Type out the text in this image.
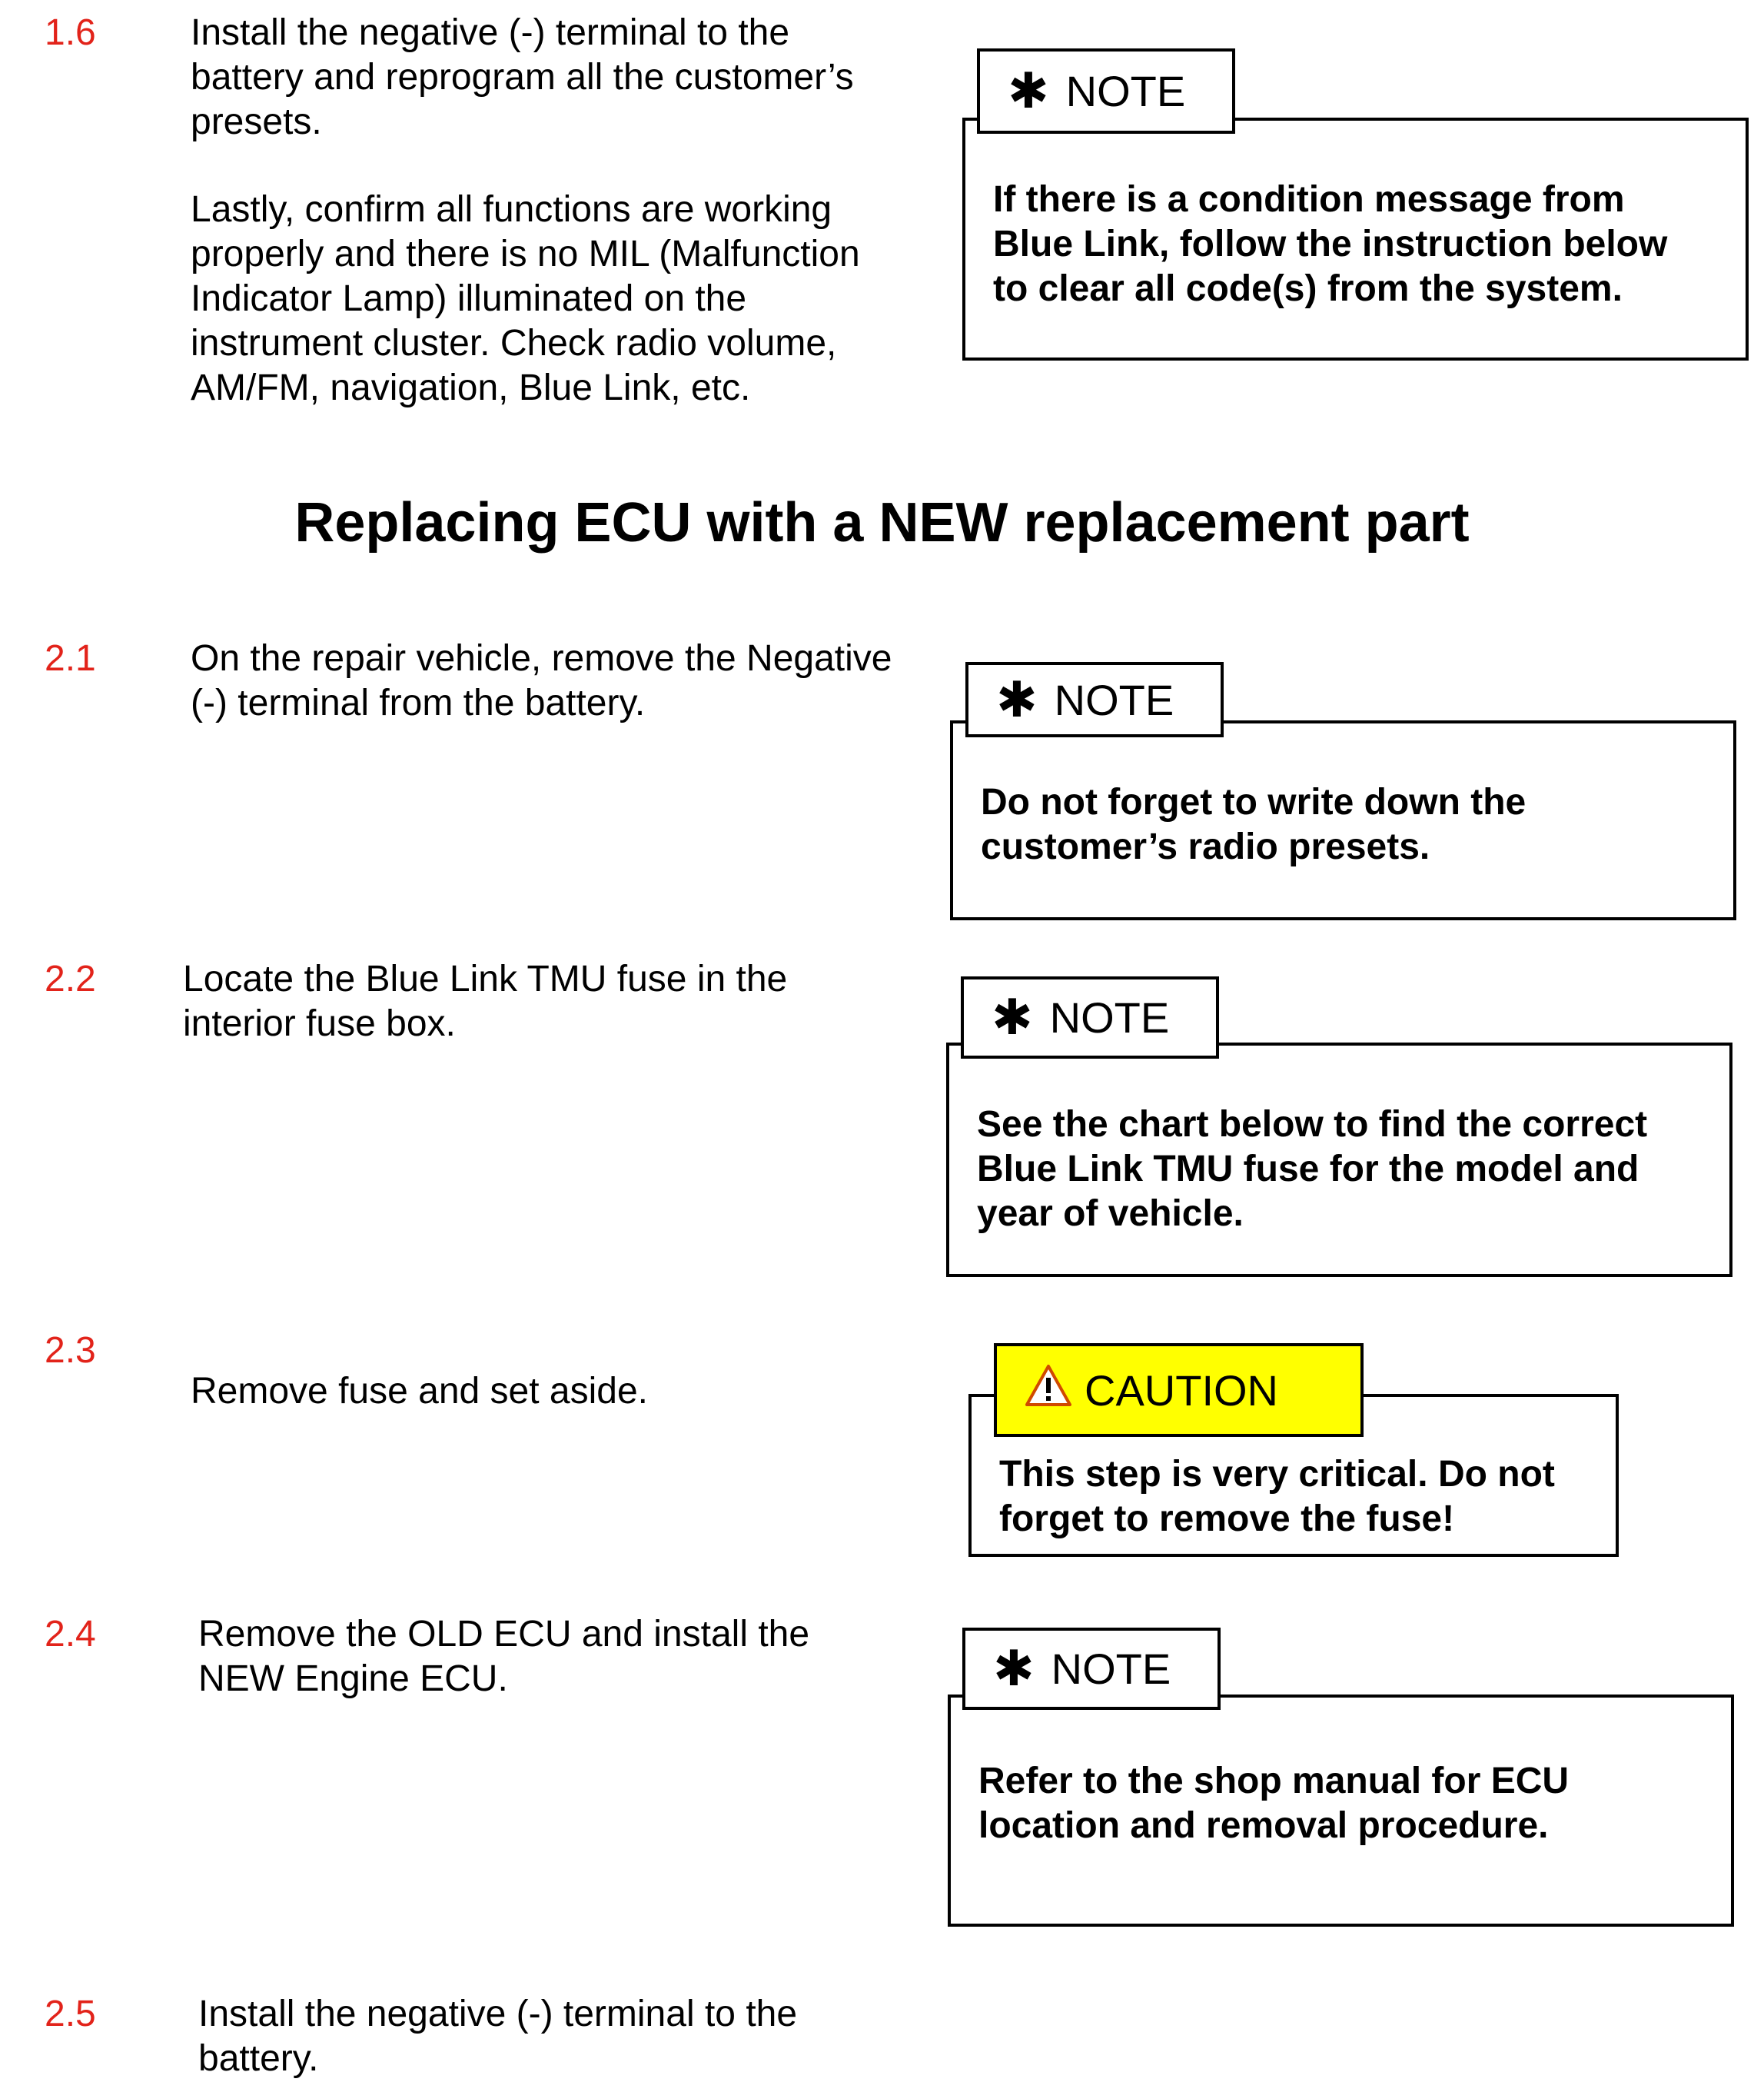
1.6	Install the negative (-) terminal to the
battery and reprogram all the customer’s
presets.
Lastly, confirm all functions are working
properly and there is no MIL (Malfunction
Indicator Lamp) illuminated on the
instrument cluster. Check radio volume,
AM/FM, navigation, Blue Link, etc.
If there is a condition message from
Blue Link, follow the instruction below
to clear all code(s) from the system.
✱ NOTE
Replacing ECU with a NEW replacement part
2.1	On the repair vehicle, remove the Negative
(-) terminal from the battery.
Do not forget to write down the
customer’s radio presets.
✱ NOTE
2.2 Locate the Blue Link TMU fuse in the
interior fuse box.
See the chart below to find the correct
Blue Link TMU fuse for the model and
year of vehicle.
✱ NOTE
2.3
Remove fuse and set aside.
This step is very critical. Do not
forget to remove the fuse!
CAUTION
2.4	Remove the OLD ECU and install the
NEW Engine ECU.
Refer to the shop manual for ECU
location and removal procedure.
✱ NOTE
2.5	Install the negative (-) terminal to the
battery.
